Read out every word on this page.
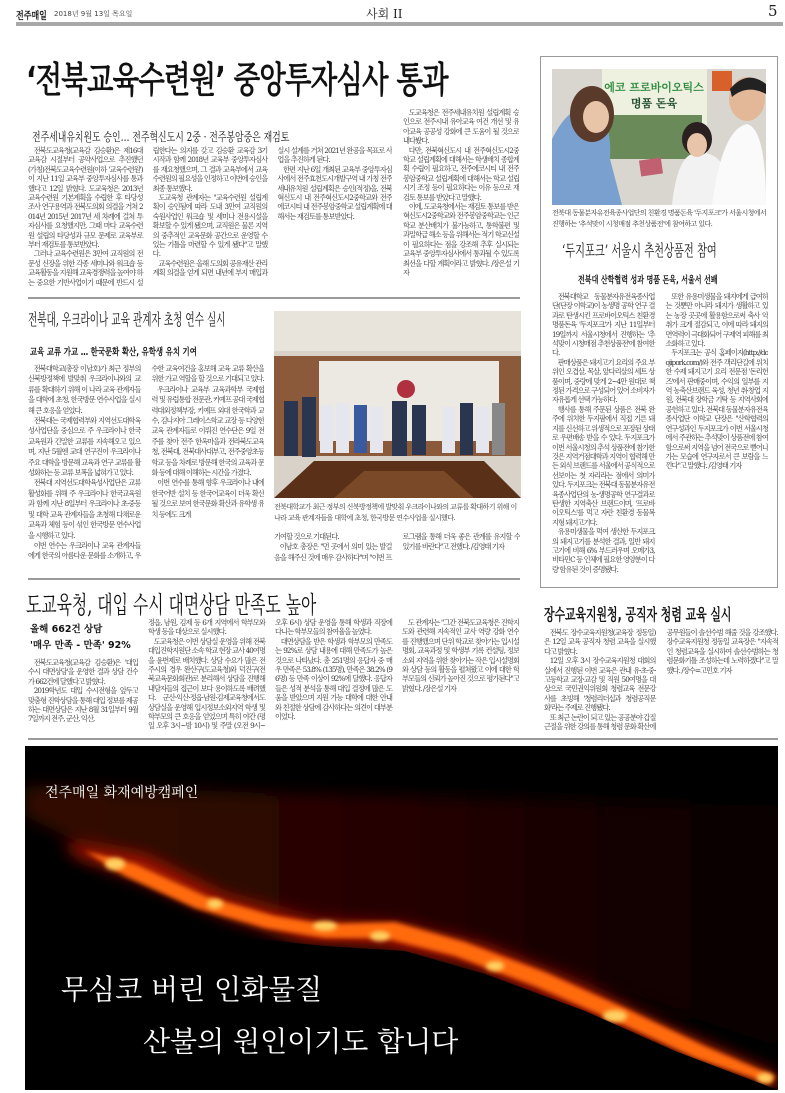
전주매일 2018년 9월 13일 목요일	사회 II	5
‘전북교육수련원’ 중앙투자심사 통과
전주세내유치원도 승인… 전주혁신도시 2중 · 전주봉암중은 재검토

전북도교육청(교육감 김승환)은 제16대 교육감 시절부터 공약사업으로 추진했던 (가칭)전북도교육수련원(이하 '교육수련원')이 지난 11일 교육부 중앙투자심사를 통과했다고 12일 밝혔다. 도교육청은 2013년 교육수련원 기본계획을 수립한 후 타당성 조사 연구용역과 전북도의회 의결을 거쳐 2014년 2015년 2017년 세 차례에 걸쳐 투자심사를 요청했지만, 그때 마다 교육수련원 설립의 타당성과 규모 문제로 교육부로부터 재검토를 통보받았다.

그러나 교육수련원은 3만여 교직원의 전문성 신장을 위한 각종 세미나와 워크숍 등 교육활동을 지원해 교육경쟁력을 높여야 하는 중요한 기반사업이기 때문에 반드시 설립한다는 의지를 갖고 김승환 교육감 3기 시작과 함께 2018년 교육부 중앙투자심사를 재요청했으며, 그 결과 교육부에서 교육수련원의 필요성을 인정하고 이번에 승인을 최종 통보했다.

도교육청 관계자는 "교육수련원 설립계획이 승인됨에 따라 도내 3만여 교직원의 숙원사업인 워크숍 및 세미나 전용시설을 확보할 수 있게 됐으며, 교직원은 물론 지역의 중추적인 교육문화 공간으로 운영할 수 있는 기틀을 마련할 수 있게 됐다"고 말했다.

교육수련원은 올해 도의회 공유재산 관리계획 의결을 얻게 되면 내년에 부지 매입과 실시 설계를 거쳐 2021년 완공을 목표로 사업을 추진하게 된다.

한편 지난 6일 개최된 교육부 중앙투자심사에서 전주효천도시개발구역 내 가칭 전주세내유치원 설립계획은 승인(적정)을, 전북혁신도시 내 전주혁신도시2중학교와 전주에코시티 내 전주봉암중학교 설립계획에 대해서는 재검토를 통보받았다.

도교육청은 전주세내유치원 설립계획 승인으로 전주시내 유아교육 여건 개선 및 유아교육 공공성 강화에 큰 도움이 될 것으로 내다봤다.

다만, 전북혁신도시 내 전주혁신도시2중학교 설립계획에 대해서는 학생배치 종합계획 수립이 필요하고, 전주에코시티 내 전주봉암중학교 설립계획에 대해서는 학교 설립 시기 조정 등이 필요하다는 이유 등으로 재검토 통보를 받았다고 말했다.

이에, 도교육청에서는 재검토 통보를 받은 혁신도시2중학교와 전주봉암중학교는 인근학교 분산배치가 불가능하고, 통학불편 및 과밀학급 해소 등을 위해서는 적기 학교신설이 필요하다는 점을 강조해 추후 실시되는 교육부 중앙투자심사에서 통과될 수 있도록 최선을 다할 계획이라고 밝혔다. /장은설 기자

전북대, 우크라이나 교육 관계자 초청 연수 실시
교육 교류 가교 … 한국문화 확산, 유학생 유치 기여

전북대학교(총장 이남호)가 최근 정부의 신북방정책에 발맞춰 우크라이나와의 교류를 확대하기 위해 이 나라 교육 관계자들을 대학에 초청, 한국방문 연수사업을 실시해 큰 호응을 얻었다.

전북대는 국제협력부와 지역선도대학육성사업단을 중심으로 주 우크라이나 한국교육원과 긴밀한 교류를 지속해오고 있으며, 지난 5월엔 교대 연구진이 우크라이나 주요 대학을 방문해 교육과 연구 교류를 활성화하는 등 교류 보폭을 넓혀가고 있다.

전북대 지역선도대학육성사업단은 교류 활성화를 위해 주 우크라이나 한국교육원과 함께 지난 8일부터 우크라이나 초·중등 및 대학 교육 관계자들을 초청해 다채로운 교육과 체험 등이 섞인 한국방문 연수사업을 시행하고 있다.

이번 연수는 우크라이나 교육 관계자들에게 한국의 아름다운 문화를 소개하고, 우수한 교육여건을 홍보해 교육 교류 확산을 위한 가교 역할을 할 것으로 기대되고 있다.

우크라이나 교육부 교육과학부 국제협력 및 유럽통합 전문관, 키예프 공대 국제협력대외정책부장, 키예프 외대 한국학과 교수, 김나지아 그레이스학교 교장 등 다양한 교육 관계자들로 이뤄진 연수단은 9일 전주를 찾아 전주 한옥마을과 전라북도교육청, 전북대, 전북대사대부고, 전주중앙초등학교 등을 차례로 방문해 한국의 교육과 문화 등에 대해 이해하는 시간을 가졌다.

이번 연수를 통해 향후 우크라이나 내에 한국어반 설치 등 한국어교육이 더욱 확산될 것으로 보여 한국문화 확산과 유학생 유치 등에도 크게

전북대학교가 최근 정부의 신북방정책에 발맞춰 우크라이나와의 교류를 확대하기 위해 이 나라 교육 관계자들을 대학에 초청, 한국방문 연수사업을 실시했다.

기여할 것으로 기대된다.

이남호 총장은 "먼 곳에서 의미 있는 발걸음을 해주신 것에 매우 감사하다"며 "이번 프로그램을 통해 더욱 좋은 관계를 유지할 수 있기를 바란다"고 전했다. /김영태 기자

도교육청, 대입 수시 대면상담 만족도 높아
올해 662건 상담
'매우 만족 - 만족' 92%

전북도교육청(교육감 김승환)은 '대입 수시 대면상담'을 운영한 결과 상담 건수가 662건에 달했다고 밝혔다.

2019학년도 대입 수시전형을 앞두고 맞춤형 진학상담을 통해 대입 정보를 제공하는 대면상담은 지난 8월 31일부터 9월 7일까지 전주, 군산, 익산,

정읍, 남원, 김제 등 6개 지역에서 학부모와 학생 등을 대상으로 실시했다.

도교육청은 이번 상담실 운영을 위해 전북대입진학지원단 소속 학교 현장 교사 40여명을 윤번제로 배치했다. 상담 수요가 많은 전주시의 경우 완산구(도교육청)와 덕진구(전북교육문화회관)로 분리해서 상담을 진행해 내담자들의 접근이 보다 용이하도록 배려했다. 군산·익산·정읍·남원·김제교육청에서도 상담실을 운영해 입시정보소외지역 학생 및 학부모의 큰 호응을 얻었으며 특히 야간 (평일 오후 3시~밤 10시) 및 주말 (오전 9시~ 오후 6시) 상담 운영을 통해 학생과 직장에 다니는 학부모들의 참여율을 높였다.

대면상담을 받은 학생과 학부모의 만족도는 92%로 상담 내용에 대해 만족도가 높은 것으로 나타났다. 총 251명의 응답자 중 매우 만족은 53.8% (135명), 만족은 38.2% (96명) 등 만족 이상이 92%에 달했다. 응답자들은 성적 분석을 통해 대입 결정에 많은 도움을 받았으며 지원 가능 대학에 대한 안내와 친절한 상담에 감사하다는 의견이 대부분이었다.

도 관계자는 "그간 전북도교육청은 진학지도와 관련해 지속적인 교사 역량 강화 연수를 진행했으며 단위 학교로 찾아가는 입시설명회, 교육과정 및 학생부 기록 컨설팅, 정보 소외 지역을 위한 찾아가는 작은 입시설명회와 상담 등의 활동을 펼쳐왔고 이에 대한 학부모들의 신뢰가 높아진 것으로 평가된다"고 밝혔다. /장은설 기자

에코 프로바이오틱스
명품 돈육
전북대 동물분자유전육종사업단의 친환경 명품돈육 '두지포크'가 서울시청에서 진행하는 '추석맞이 시청매점 추천상품전'에 참여하고 있다.
‘두지포크’ 서울시 추천상품전 참여
전북대 산학협력 성과 명품 돈육, 서울서 선봬

전북대학교 동물분자유전육종사업단(단장 이학교)이 농생명 공학 연구 결과로 탄생시킨 프로바이오틱스 친환경 명품돈육 '두지포크'가 지난 11일부터 19일까지 서울시청에서 진행하는 '추석맞이 시청매점 추천상품전'에 참여한다.

판매상품은 돼지고기 요리의 주요 부위인 오겹살, 목살, 앞다리살의 세트 상품이며, 중량에 맞게 2~4만 원대로 책정된 가격으로 구성되어 있어 소비자가 자유롭게 선택 가능하다.

행사를 통해 주문된 상품은 전북 완주에 위치한 두지팜에서 직접 기른 돼지를 신선하고 위생적으로 포장된 상태로 우편배송 받을 수 있다. 두지포크가 이번 서울시청의 추석 상품전에 참가한 것은 지역거점대학과 지역이 협력해 만든 외식 브랜드를 서울에서 공식적으로 선보이는 첫 자리라는 점에서 의미가 있다. 두지포크는 전북대 동물분자유전육종사업단의 농·생명공학 연구결과로 탄생한 지역축산 브랜드이며, '프로바이오틱스'를 먹고 자란 친환경 동물복지형 돼지고기다.

유용미생물을 먹여 생산한 두지포크의 돼지고기를 분석한 결과, 일반 돼지고기에 비해 6% 부드러우며 오메가3, 비타민C 등 인체에 필요한 영양분이 다량 함유된 것이 증명됐다.

또한 유용미생물을 돼지에게 급여하는 것뿐만 아니라 돼지가 생활하고 있는 농장 곳곳에 활용함으로써 축사 악취가 크게 절감되고, 이에 따라 돼지의 면역력이 극대화되어 구제역 피해를 최소화하고 있다.

두지포크는 공식 홈페이지(http://doojipork.com/)와 전주 객리단길에 위치한 수제 돼지고기 요리 전문점 '돈리헌즈'에서 판매중이며, 수익의 일부를 지역 농축산브랜드 육성, 청년 취·창업 지원, 전북대 장학금 기탁 등 지역사회에 공헌하고 있다. 전북대 동물분자유전육종사업단 이학교 단장은 "산학협력의 연구성과인 두지포크가 이번 서울시청에서 주관하는 추석맞이 상품전에 참여함으로써 지역을 넘어 전국으로 뻗어나가는 모습에 연구자로서 큰 보람을 느낀다"고 말했다. /김영태 기자

장수교육지원청, 공직자 청렴 교육 실시

전북도 장수교육지원청(교육장 정동일)은 12일 교육 공직자 청렴 교육을 실시했다고 밝혔다.

12일 오후 3시 장수교육지원청 대회의실에서 진행된 이번 교육은 관내 유·초·중·고등학교 교장·교감 및 직원 50여명을 대상으로 국민권익위원회 청렴교육 전문강사를 초빙해 '청렴리더십과 청렴공직문화'라는 주제로 진행됐다.

또 최근 논란이 되고 있는 공공분야 갑질 근절을 위한 강의를 통해 청렴 문화 확산에 공무원들이 솔선수범 해줄 것을 강조했다. 장수교육지원청 정동일 교육장은 "지속적인 청렴교육을 실시하여 솔선수범하는 청렴문화기틀 조성하는데 노력하겠다"고 말했다. /장수=고민호 기자

전주매일 화재예방캠페인
무심코 버린 인화물질
산불의 원인이기도 합니다
